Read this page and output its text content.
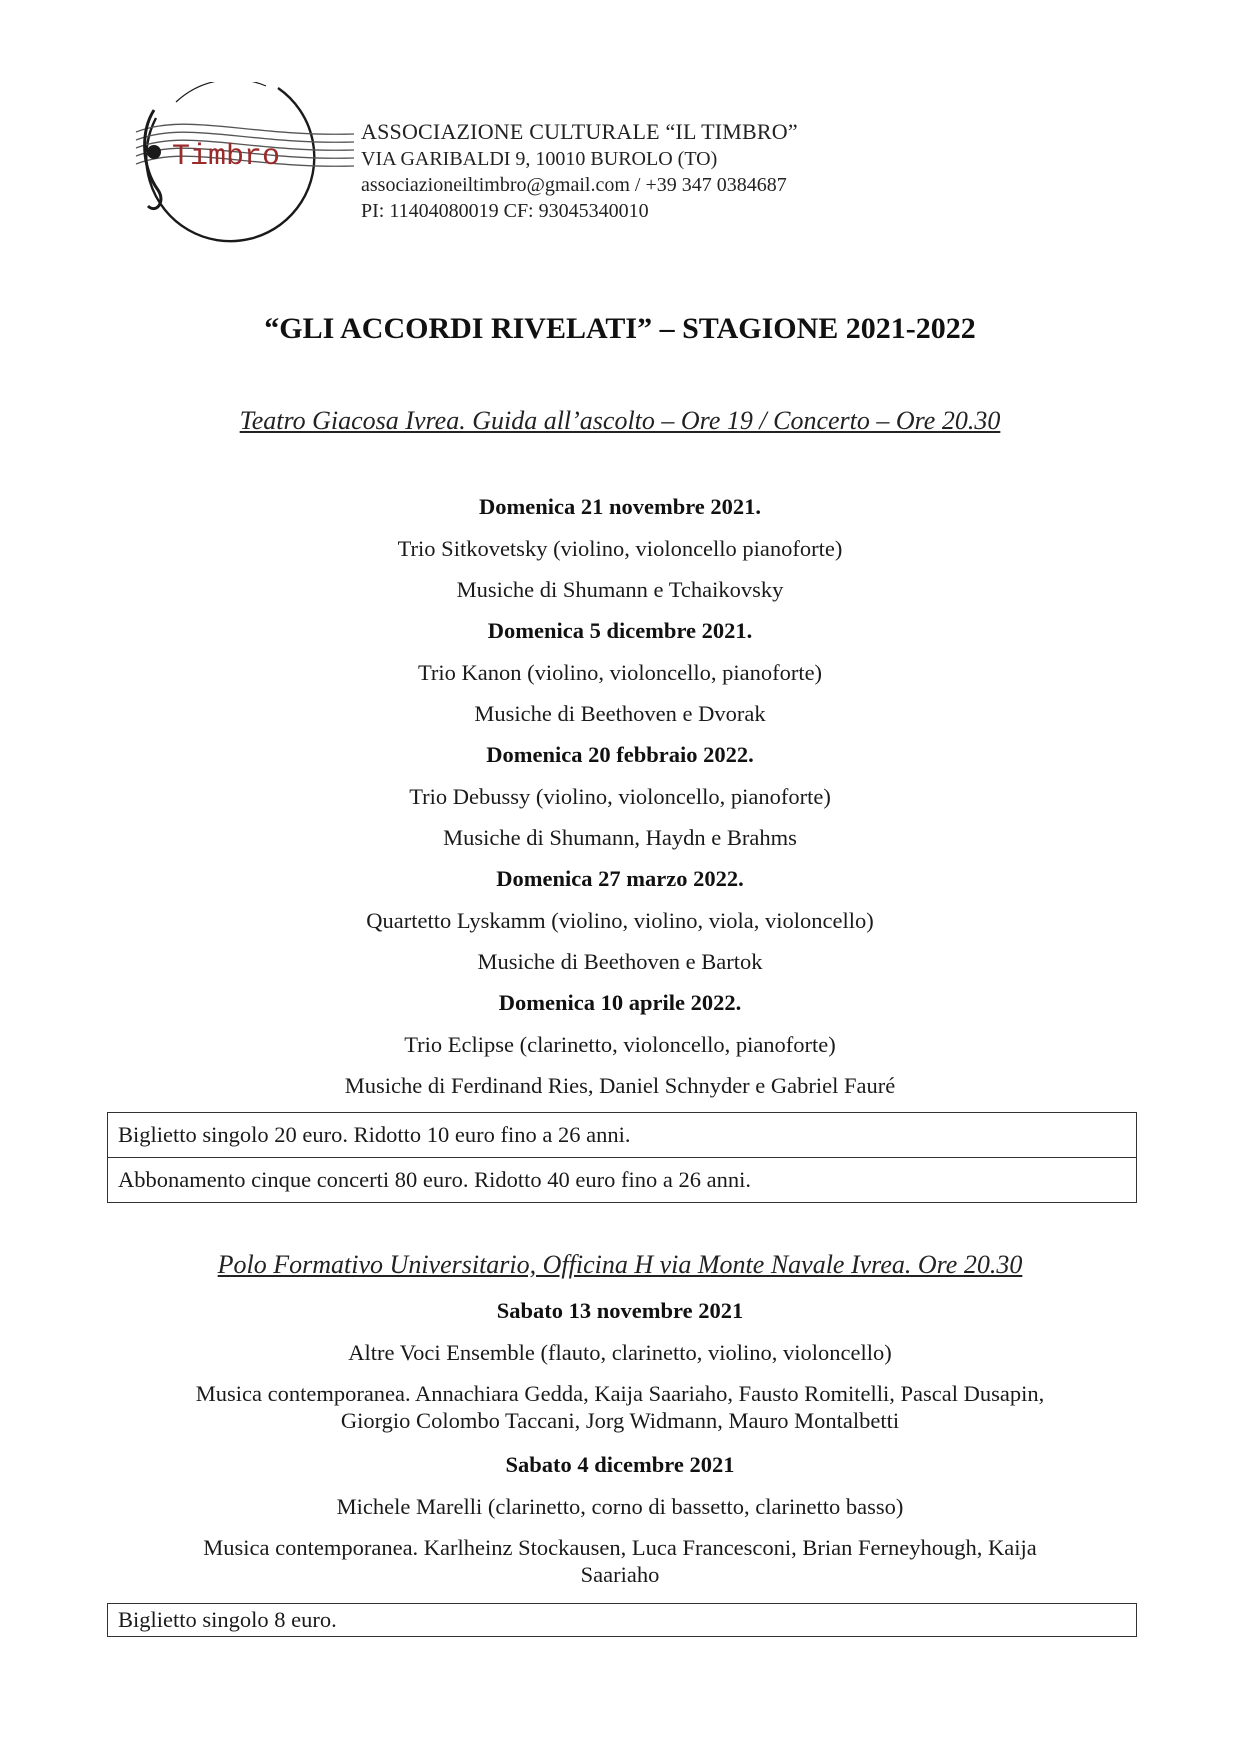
Timbro
ASSOCIAZIONE CULTURALE “IL TIMBRO”
VIA GARIBALDI 9, 10010 BUROLO (TO)
associazioneiltimbro@gmail.com / +39 347 0384687
PI: 11404080019 CF: 93045340010
“GLI ACCORDI RIVELATI” – STAGIONE 2021-2022
Teatro Giacosa Ivrea. Guida all’ascolto – Ore 19 / Concerto – Ore 20.30
Domenica 21 novembre 2021.
Trio Sitkovetsky (violino, violoncello pianoforte)
Musiche di Shumann e Tchaikovsky
Domenica 5 dicembre 2021.
Trio Kanon (violino, violoncello, pianoforte)
Musiche di Beethoven e Dvorak
Domenica 20 febbraio 2022.
Trio Debussy (violino, violoncello, pianoforte)
Musiche di Shumann, Haydn e Brahms
Domenica 27 marzo 2022.
Quartetto Lyskamm (violino, violino, viola, violoncello)
Musiche di Beethoven e Bartok
Domenica 10 aprile 2022.
Trio Eclipse (clarinetto, violoncello, pianoforte)
Musiche di Ferdinand Ries, Daniel Schnyder e Gabriel Fauré
Biglietto singolo 20 euro. Ridotto 10 euro fino a 26 anni.
Abbonamento cinque concerti 80 euro. Ridotto 40 euro fino a 26 anni.
Polo Formativo Universitario, Officina H via Monte Navale Ivrea. Ore 20.30
Sabato 13 novembre 2021
Altre Voci Ensemble (flauto, clarinetto, violino, violoncello)
Musica contemporanea. Annachiara Gedda, Kaija Saariaho, Fausto Romitelli, Pascal Dusapin,
Giorgio Colombo Taccani, Jorg Widmann, Mauro Montalbetti
Sabato 4 dicembre 2021
Michele Marelli (clarinetto, corno di bassetto, clarinetto basso)
Musica contemporanea. Karlheinz Stockausen, Luca Francesconi, Brian Ferneyhough, Kaija
Saariaho
Biglietto singolo 8 euro.
